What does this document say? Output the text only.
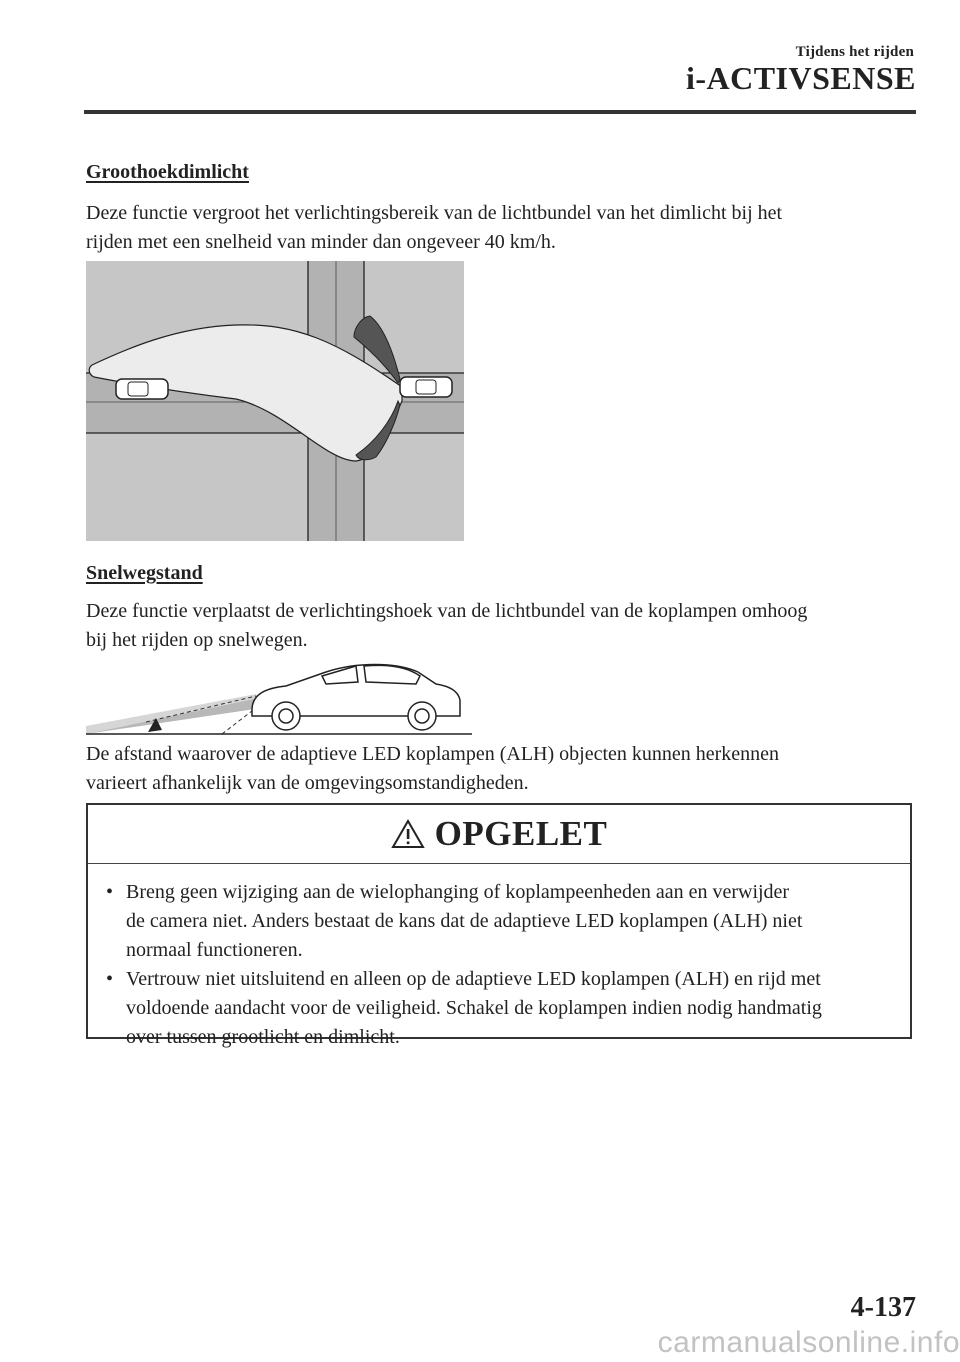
Tijdens het rijden
i-ACTIVSENSE
Groothoekdimlicht
Deze functie vergroot het verlichtingsbereik van de lichtbundel van het dimlicht bij het
rijden met een snelheid van minder dan ongeveer 40 km/h.
Snelwegstand
Deze functie verplaatst de verlichtingshoek van de lichtbundel van de koplampen omhoog
bij het rijden op snelwegen.
De afstand waarover de adaptieve LED koplampen (ALH) objecten kunnen herkennen
varieert afhankelijk van de omgevingsomstandigheden.
OPGELET
• Breng geen wijziging aan de wielophanging of koplampeenheden aan en verwijder
de camera niet. Anders bestaat de kans dat de adaptieve LED koplampen (ALH) niet
normaal functioneren.
• Vertrouw niet uitsluitend en alleen op de adaptieve LED koplampen (ALH) en rijd met
voldoende aandacht voor de veiligheid. Schakel de koplampen indien nodig handmatig
over tussen grootlicht en dimlicht.
4-137
carmanualsonline.info
